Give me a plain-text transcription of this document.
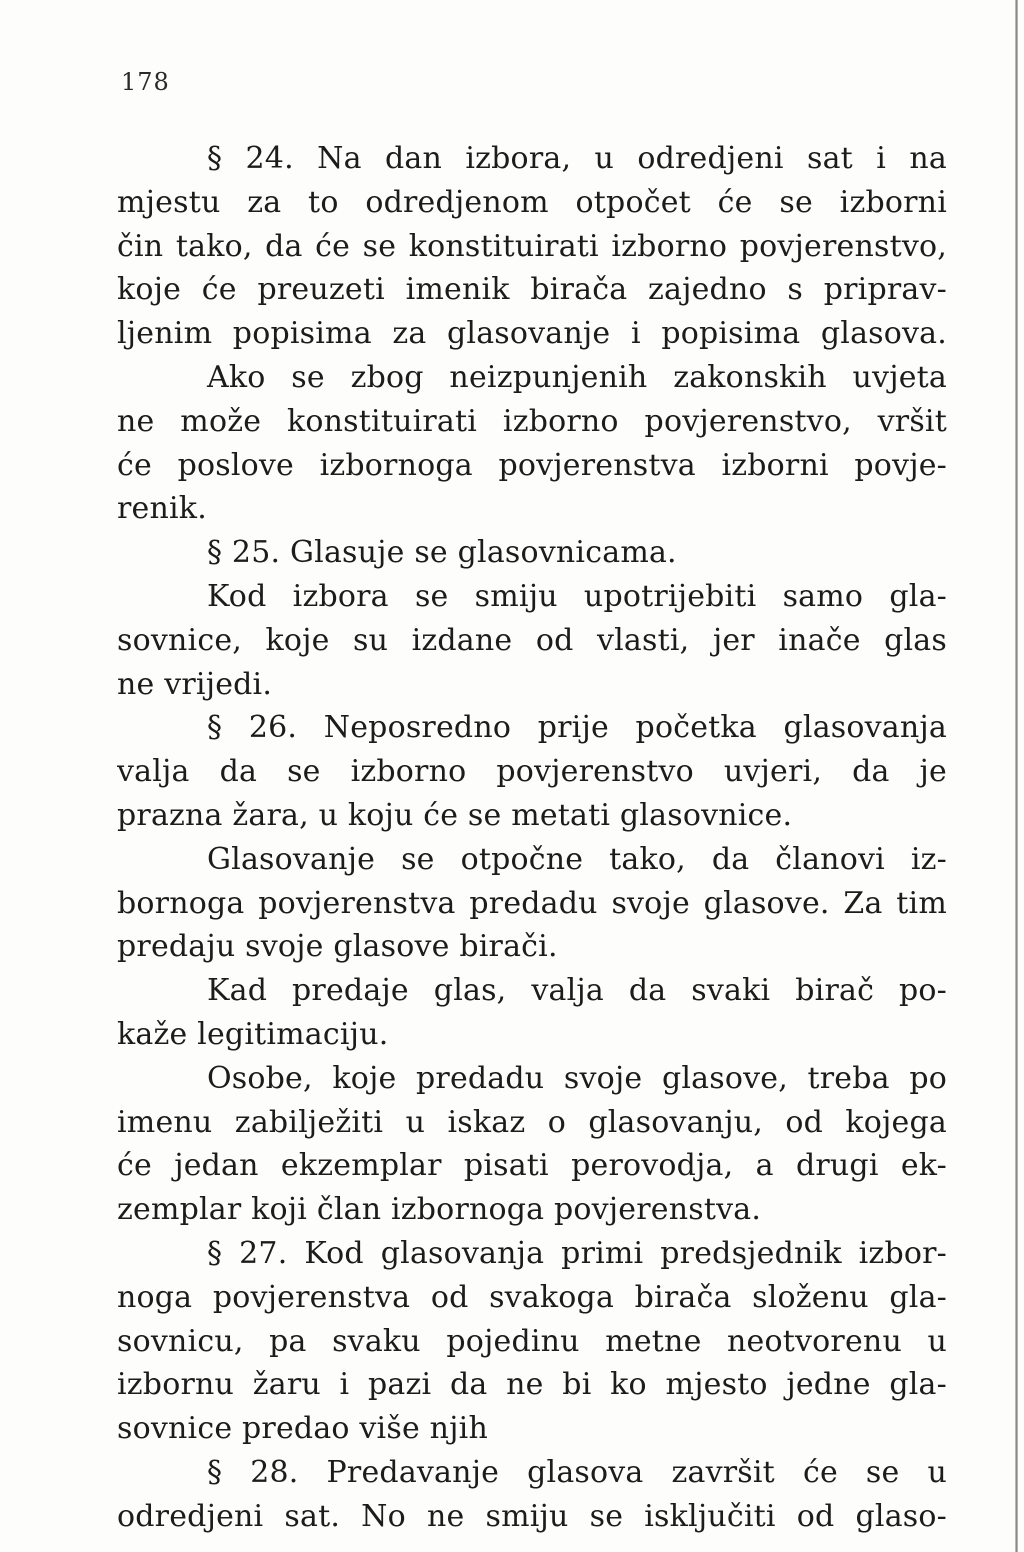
178
§ 24. Na dan izbora, u odredjeni sat i na
mjestu za to odredjenom otpočet će se izborni
čin tako, da će se konstituirati izborno povjerenstvo,
koje će preuzeti imenik birača zajedno s priprav-
ljenim popisima za glasovanje i popisima glasova.
Ako se zbog neizpunjenih zakonskih uvjeta
ne može konstituirati izborno povjerenstvo, vršit
će poslove izbornoga povjerenstva izborni povje-
renik.
§ 25. Glasuje se glasovnicama.
Kod izbora se smiju upotrijebiti samo gla-
sovnice, koje su izdane od vlasti, jer inače glas
ne vrijedi.
§ 26. Neposredno prije početka glasovanja
valja da se izborno povjerenstvo uvjeri, da je
prazna žara, u koju će se metati glasovnice.
Glasovanje se otpočne tako, da članovi iz-
bornoga povjerenstva predadu svoje glasove. Za tim
predaju svoje glasove birači.
Kad predaje glas, valja da svaki birač po-
kaže legitimaciju.
Osobe, koje predadu svoje glasove, treba po
imenu zabilježiti u iskaz o glasovanju, od kojega
će jedan ekzemplar pisati perovodja, a drugi ek-
zemplar koji član izbornoga povjerenstva.
§ 27. Kod glasovanja primi predsjednik izbor-
noga povjerenstva od svakoga birača složenu gla-
sovnicu, pa svaku pojedinu metne neotvorenu u
izbornu žaru i pazi da ne bi ko mjesto jedne gla-
sovnice predao više njih
§ 28. Predavanje glasova završit će se u
odredjeni sat. No ne smiju se isključiti od glaso-
